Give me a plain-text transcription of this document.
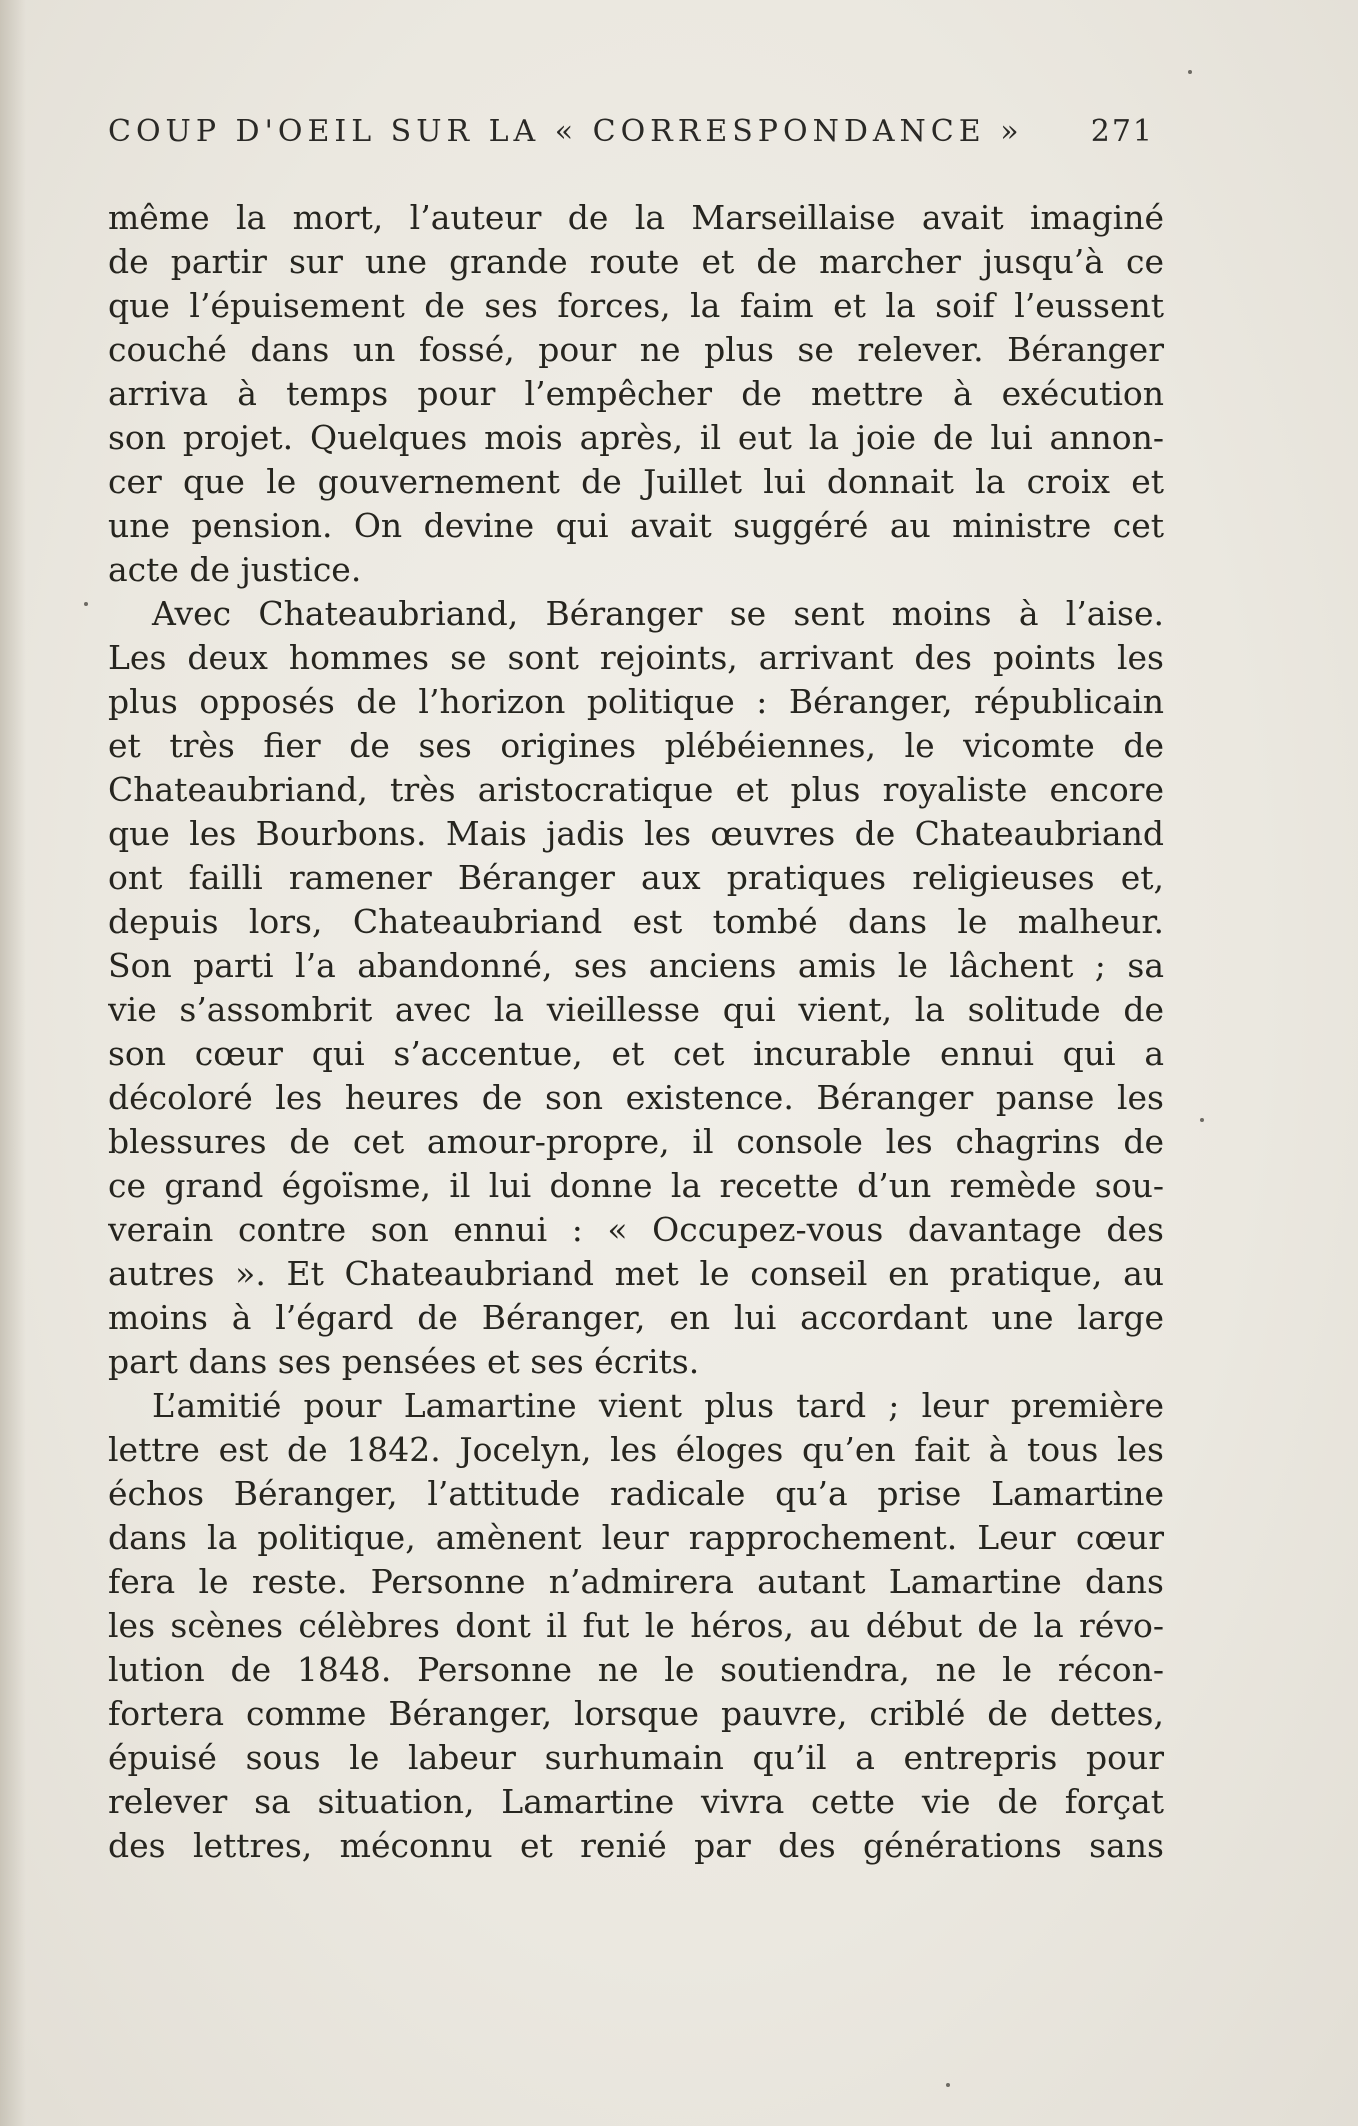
COUP D'OEIL SUR LA « CORRESPONDANCE » 271
même la mort, l’auteur de la Marseillaise avait imaginé
de partir sur une grande route et de marcher jusqu’à ce
que l’épuisement de ses forces, la faim et la soif l’eussent
couché dans un fossé, pour ne plus se relever. Béranger
arriva à temps pour l’empêcher de mettre à exécution
son projet. Quelques mois après, il eut la joie de lui annon-
cer que le gouvernement de Juillet lui donnait la croix et
une pension. On devine qui avait suggéré au ministre cet
acte de justice.
Avec Chateaubriand, Béranger se sent moins à l’aise.
Les deux hommes se sont rejoints, arrivant des points les
plus opposés de l’horizon politique : Béranger, républicain
et très fier de ses origines plébéiennes, le vicomte de
Chateaubriand, très aristocratique et plus royaliste encore
que les Bourbons. Mais jadis les œuvres de Chateaubriand
ont failli ramener Béranger aux pratiques religieuses et,
depuis lors, Chateaubriand est tombé dans le malheur.
Son parti l’a abandonné, ses anciens amis le lâchent ; sa
vie s’assombrit avec la vieillesse qui vient, la solitude de
son cœur qui s’accentue, et cet incurable ennui qui a
décoloré les heures de son existence. Béranger panse les
blessures de cet amour-propre, il console les chagrins de
ce grand égoïsme, il lui donne la recette d’un remède sou-
verain contre son ennui : « Occupez-vous davantage des
autres ». Et Chateaubriand met le conseil en pratique, au
moins à l’égard de Béranger, en lui accordant une large
part dans ses pensées et ses écrits.
L’amitié pour Lamartine vient plus tard ; leur première
lettre est de 1842. Jocelyn, les éloges qu’en fait à tous les
échos Béranger, l’attitude radicale qu’a prise Lamartine
dans la politique, amènent leur rapprochement. Leur cœur
fera le reste. Personne n’admirera autant Lamartine dans
les scènes célèbres dont il fut le héros, au début de la révo-
lution de 1848. Personne ne le soutiendra, ne le récon-
fortera comme Béranger, lorsque pauvre, criblé de dettes,
épuisé sous le labeur surhumain qu’il a entrepris pour
relever sa situation, Lamartine vivra cette vie de forçat
des lettres, méconnu et renié par des générations sans
